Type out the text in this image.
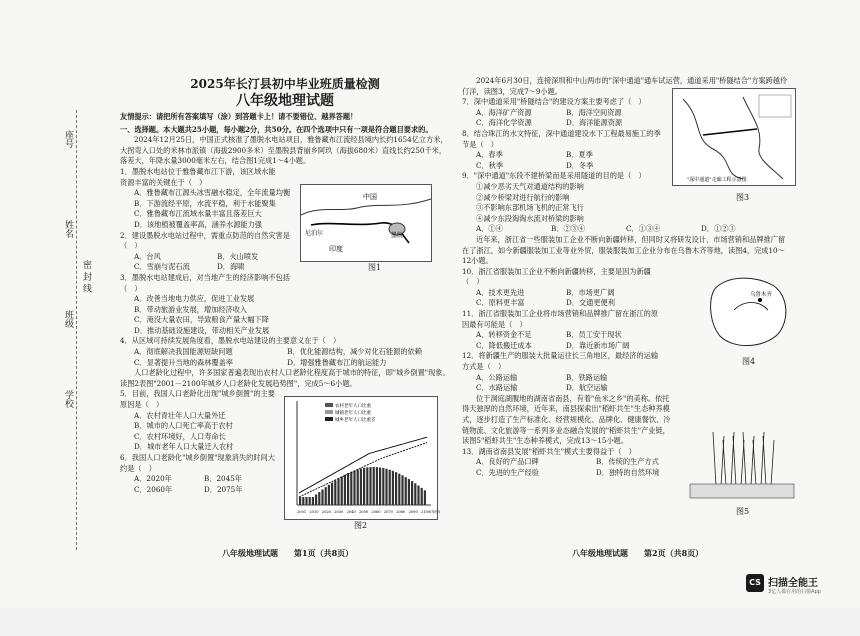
座号
姓名
密 封 线
班级
学校
2025年长汀县初中毕业班质量检测
八年级地理试题
友情提示：请把所有答案填写（涂）到答题卡上！请不要错位、越界答题！
一、选择题。本大题共25小题，每小题2分，共50分。在四个选项中只有一项是符合题目要求的。
2024年12月25日，中国正式核准了墨脱水电站项目，雅鲁藏布江流经县境内长约1654亿立方米，大拐弯入口处的米林市派镇（海拔2900多米）至墨脱县背崩乡阿玖（海拔680米）直线长约250千米，落差大，年降水量3000毫米左右，结合图1完成1～4小题。
1．墨脱水电站位于雅鲁藏布江下游，该区域水能资源丰富的关键在于（　）
A．雅鲁藏布江源头冰雪融水稳定，全年流量均衡
B．下游流经平原，水流平稳，利于水能聚集
C．雅鲁藏布江流域水量丰富且落差巨大
D．该地植被覆盖率高，涵养水源能力强
2．建设墨脱水电站过程中，需重点防范的自然灾害是（　）
A．台风	B．火山喷发
C．雪崩与泥石流	D．海啸
3．墨脱水电站建成后，对当地产生的经济影响不包括（　）
A．改善当地电力供应，促进工业发展
B．带动旅游业发展，增加经济收入
C．淹没大量农田，导致粮食产量大幅下降
D．推动基础设施建设，带动相关产业发展
4．从区域可持续发展角度看，墨脱水电站建设的主要意义在于（　）
A．彻底解决我国能源短缺问题	B．优化能源结构，减少对化石能源的依赖
C．显著提升当地的森林覆盖率	D．增强雅鲁藏布江的航运能力
人口老龄化过程中，许多国家普遍表现出农村人口老龄化程度高于城市的特征，即"城乡倒置"现象。读图2表图"2001－2100年城乡人口老龄化发展趋势图"，完成5～6小题。
5．目前，我国人口老龄化出现"城乡倒置"的主要原因是（　）
A．农村青壮年人口大量外迁
B．城市的人口死亡率高于农村
C．农村环境好，人口寿命长
D．城市老年人口大量迁入农村
6．我国人口老龄化"城乡倒置"现象消失的时间大约是（　）
A．2020年	B．2045年
C．2060年	D．2075年
中国
印度
墨脱
尼泊尔
图1
农村老年人口比重
城镇老年人口比重
城乡老年人口比重差
2001 2010 2020 2030 2040 2050 2060 2070 2080 2090 2100(年份)
图2
八年级地理试题　　第1页（共8页）
2024年6月30日，连接深圳和中山两市的"深中通道"通车试运营，通道采用"桥隧结合"方案跨越伶仃洋，读图3，完成7～9小题。
7．深中通道采用"桥隧结合"的建设方案主要考虑了（　）
A．海洋矿产资源	B．海洋空间资源
C．海洋化学资源	D．海洋能源资源
8．结合珠江的水文特征，深中通道建设水下工程最易施工的季节是（　）
A．春季	B．夏季
C．秋季	D．冬季
9．"深中通道"东段不建桥梁而是采用隧道的目的是（　）
①减少恶劣天气对通道结构的影响
②减少桥梁对进行航行的影响
③不影响东部机场飞机的正常飞行
④减少东段淘淘水流对桥梁的影响
A．①④	B．②③④	C．①③④	D．①②③
近年来，浙江省一些服装加工企业不断向新疆转移，但同时又将研发设计、市场营销和品牌推广留在了浙江，如今新疆服装加工业等业外贸，服装服装加工企业分布在乌鲁木齐等地，读图4，完成10～12小题。
10．浙江省服装加工企业不断向新疆转移，主要是因为新疆（　）
A．技术更先进	B．市场更广阔
C．原料更丰富	D．交通更便利
11．浙江省服装加工企业将市场营销和品牌推广留在浙江的原因最有可能是（　）
A．转移资金不足	B．员工安于现状
C．降低搬迁成本	D．靠近新市场广阔
12．将新疆生产的服装大批量运往长三角地区，最经济的运输方式是（　）
A．公路运输	B．铁路运输
C．水路运输	D．航空运输
位于洞庭湖腹地的湖南省南县，有着"鱼米之乡"的美称。依托得天独厚的自然环境，近年来，南县探索出"稻虾共生"生态种养模式，逐步打造了生产标准化、经营规模化、品牌化、健康餐饮、冷链物流、文化旅游等一系列多业态融合发展的"稻虾共生"产业链，读图5"稻虾共生"生态种养模式，完成13～15小题。
13．湖南省南县发展"稻虾共生"模式主要得益于（　）
A．良好的产品口碑	B．传统的生产方式
C．先进的生产经验	D．独特的自然环境
"深中通道"走廊工程示意图
图3
乌鲁木齐
图4
图5
八年级地理试题　　第2页（共8页）
CS 扫描全能王
3亿人都在用的扫描App
